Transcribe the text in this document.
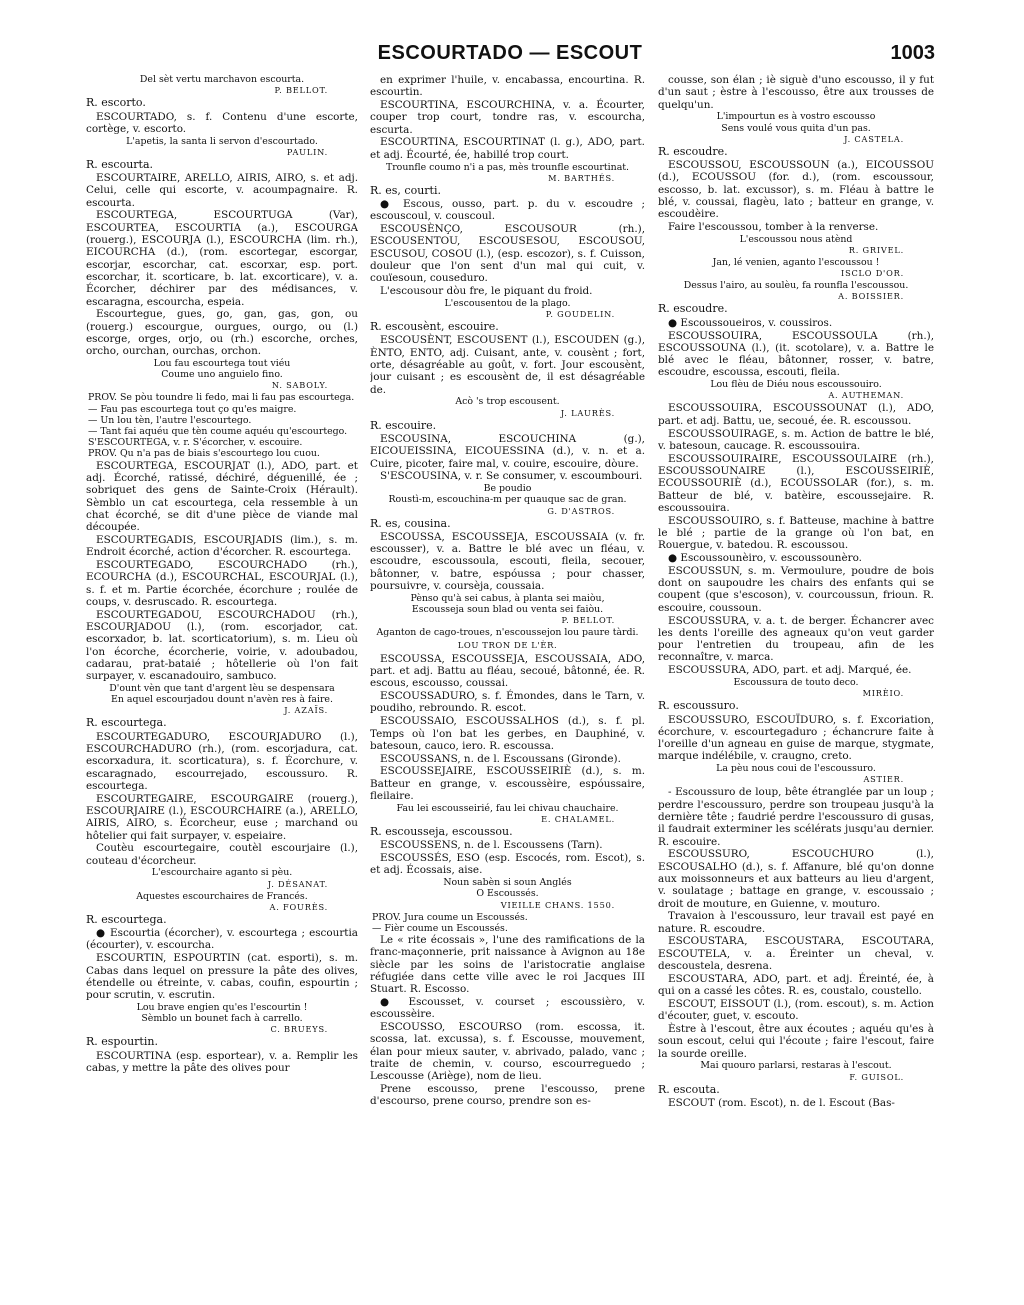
ESCOURTADO — ESCOUT	1003
Del sèt vertu marchavon escourta.
P. BELLOT.
R. escorto.
ESCOURTADO, s. f. Contenu d'une escorte, cortège, v. escorto.
L'apetis, la santa li servon d'escourtado.
PAULIN.
R. escourta.
ESCOURTAIRE, ARELLO, AIRIS, AIRO, s. et adj. Celui, celle qui escorte, v. acoumpagnaire. R. escourta.
ESCOURTEGA, ESCOURTUGA (Var), ESCOURTEA, ESCOURTIA (a.), ESCOURGA (rouerg.), ESCOURJA (l.), ESCOURCHA (lim. rh.), EICOURCHA (d.), (rom. escortegar, escorgar, escorjar, escorchar, cat. escorxar, esp. port. escorchar, it. scorticare, b. lat. excorticare), v. a. Écorcher, déchirer par des médisances, v. escaragna, escourcha, espeia.
Escourtegue, gues, go, gan, gas, gon, ou (rouerg.) escourgue, ourgues, ourgo, ou (l.) escorge, orges, orjo, ou (rh.) escorche, orches, orcho, ourchan, ourchas, orchon.
Lou fau escourtega tout viéu
Coume uno anguielo fino.
N. SABOLY.
PROV. Se pòu toundre li fedo, mai li fau pas escourtega.
— Fau pas escourtega tout ço qu'es maigre.
— Un lou tèn, l'autre l'escourtego.
— Tant fai aquéu que tèn coume aquéu qu'escourtego.
S'ESCOURTEGA, v. r. S'écorcher, v. escouire.
PROV. Qu n'a pas de biais s'escourtego lou cuou.
ESCOURTEGA, ESCOURJAT (l.), ADO, part. et adj. Écorché, ratissé, déchiré, déguenillé, ée ; sobriquet des gens de Sainte-Croix (Hérault). Sèmblo un cat escourtega, cela ressemble à un chat écorché, se dit d'une pièce de viande mal découpée.
ESCOURTEGADIS, ESCOURJADIS (lim.), s. m. Endroit écorché, action d'écorcher. R. escourtega.
ESCOURTEGADO, ESCOURCHADO (rh.), ECOURCHA (d.), ESCOURCHAL, ESCOURJAL (l.), s. f. et m. Partie écorchée, écorchure ; roulée de coups, v. desruscado. R. escourtega.
ESCOURTEGADOU, ESCOURCHADOU (rh.), ESCOURJADOU (l.), (rom. escorjador, cat. escorxador, b. lat. scorticatorium), s. m. Lieu où l'on écorche, écorcherie, voirie, v. adoubadou, cadarau, prat-bataié ; hôtellerie où l'on fait surpayer, v. escanadouiro, sambuco.
D'ount vèn que tant d'argent lèu se despensara
En aquel escourjadou dount n'avèn res à faire.
J. AZAÏS.
R. escourtega.
ESCOURTEGADURO, ESCOURJADURO (l.), ESCOURCHADURO (rh.), (rom. escorjadura, cat. escorxadura, it. scorticatura), s. f. Écorchure, v. escaragnado, escourrejado, escoussuro. R. escourtega.
ESCOURTEGAIRE, ESCOURGAIRE (rouerg.), ESCOURJAIRE (l.), ESCOURCHAIRE (a.), ARELLO, AIRIS, AIRO, s. Écorcheur, euse ; marchand ou hôtelier qui fait surpayer, v. espeiaire.
Coutèu escourtegaire, coutèl escourjaire (l.), couteau d'écorcheur.
L'escourchaire aganto si pèu.
J. DÉSANAT.
Aquestes escourchaires de Francés.
A. FOURÈS.
R. escourtega.
● Escourtia (écorcher), v. escourtega ; escourtia (écourter), v. escourcha.
ESCOURTIN, ESPOURTIN (cat. esporti), s. m. Cabas dans lequel on pressure la pâte des olives, étendelle ou étreinte, v. cabas, coufin, espourtin ; pour scrutin, v. escrutin.
Lou brave engien qu'es l'escourtin !
Sèmblo un bounet fach à carrello.
C. BRUEYS.
R. espourtin.
ESCOURTINA (esp. esportear), v. a. Remplir les cabas, y mettre la pâte des olives pour
en exprimer l'huile, v. encabassa, encourtina. R. escourtin.
ESCOURTINA, ESCOURCHINA, v. a. Écourter, couper trop court, tondre ras, v. escourcha, escurta.
ESCOURTINA, ESCOURTINAT (l. g.), ADO, part. et adj. Écourté, ée, habillé trop court.
Trounfle coumo n'i a pas, mès trounfle escourtinat.
M. BARTHÉS.
R. es, courti.
● Escous, ousso, part. p. du v. escoudre ; escouscoul, v. couscoul.
ESCOUSÈNÇO, ESCOUSOUR (rh.), ESCOUSENTOU, ESCOUSESOU, ESCOUSOU, ESCUSOU, COSOU (l.), (esp. escozor), s. f. Cuisson, douleur que l'on sent d'un mal qui cuit, v. couïesoun, couseduro.
L'escousour dòu fre, le piquant du froid.
L'escousentou de la plago.
P. GOUDELIN.
R. escousènt, escouire.
ESCOUSÈNT, ESCOUSENT (l.), ESCOUDEN (g.), ÈNTO, ENTO, adj. Cuisant, ante, v. cousènt ; fort, orte, désagréable au goût, v. fort. Jour escousènt, jour cuisant ; es escousènt de, il est désagréable de.
Acò 's trop escousent.
J. LAURÈS.
R. escouire.
ESCOUSINA, ESCOUCHINA (g.), EICOUEISSINA, EICOUESSINA (d.), v. n. et a. Cuire, picoter, faire mal, v. couire, escouire, dòure.
S'ESCOUSINA, v. r. Se consumer, v. escoumbouri.
Be poudio
Roustì-m, escouchina-m per quauque sac de gran.
G. D'ASTROS.
R. es, cousina.
ESCOUSSA, ESCOUSSEJA, ESCOUSSAIA (v. fr. escousser), v. a. Battre le blé avec un fléau, v. escoudre, escoussoula, escouti, fleila, secouer, bâtonner, v. batre, espóussa ; pour chasser, poursuivre, v. coursèja, coussaia.
Pènso qu'à sei cabus, à planta sei maiòu,
Escousseja soun blad ou venta sei faiòu.
P. BELLOT.
Aganton de cago-troues, n'escoussejon lou paure tàrdi.
LOU TRON DE L'ÈR.
ESCOUSSA, ESCOUSSEJA, ESCOUSSAIA, ADO, part. et adj. Battu au fléau, secoué, bâtonné, ée. R. escous, escousso, coussai.
ESCOUSSADURO, s. f. Émondes, dans le Tarn, v. poudiho, rebroundo. R. escot.
ESCOUSSAIO, ESCOUSSALHOS (d.), s. f. pl. Temps où l'on bat les gerbes, en Dauphiné, v. batesoun, cauco, iero. R. escoussa.
ESCOUSSANS, n. de l. Escoussans (Gironde).
ESCOUSSEJAIRE, ESCOUSSEIRIÈ (d.), s. m. Batteur en grange, v. escoussèire, espóussaire, fleilaire.
Fau lei escousseirié, fau lei chivau chauchaire.
E. CHALAMEL.
R. escousseja, escoussou.
ESCOUSSENS, n. de l. Escoussens (Tarn).
ESCOUSSÉS, ESO (esp. Escocés, rom. Escot), s. et adj. Écossais, aise.
Noun sabèn si soun Anglés
O Escoussés.
VIEILLE CHANS. 1550.
PROV. Jura coume un Escoussés.
— Fièr coume un Escoussés.
Le « rite écossais », l'une des ramifications de la franc-maçonnerie, prit naissance à Avignon au 18e siècle par les soins de l'aristocratie anglaise réfugiée dans cette ville avec le roi Jacques III Stuart. R. Escosso.
● Escousset, v. courset ; escoussièro, v. escoussèire.
ESCOUSSO, ESCOURSO (rom. escossa, it. scossa, lat. excussa), s. f. Escousse, mouvement, élan pour mieux sauter, v. abrivado, palado, vanc ; traite de chemin, v. courso, escourreguedo ; Lescousse (Ariège), nom de lieu.
Prene escousso, prene l'escousso, prene d'escourso, prene courso, prendre son es-
cousse, son élan ; iè siguè d'uno escousso, il y fut d'un saut ; èstre à l'escousso, être aux trousses de quelqu'un.
L'impourtun es à vostro escousso
Sens voulé vous quita d'un pas.
J. CASTELA.
R. escoudre.
ESCOUSSOU, ESCOUSSOUN (a.), EICOUSSOU (d.), ECOUSSOU (for. d.), (rom. escoussour, escosso, b. lat. excussor), s. m. Fléau à battre le blé, v. coussai, flagèu, lato ; batteur en grange, v. escoudèire.
Faire l'escoussou, tomber à la renverse.
L'escoussou nous atènd
R. GRIVEL.
Jan, lé venien, aganto l'escoussou !
ISCLO D'OR.
Dessus l'airo, au soulèu, fa rounfla l'escoussou.
A. BOISSIER.
R. escoudre.
● Escoussoueiros, v. coussiros.
ESCOUSSOUIRA, ESCOUSSOULA (rh.), ESCOUSSOUNA (l.), (it. scotolare), v. a. Battre le blé avec le fléau, bâtonner, rosser, v. batre, escoudre, escoussa, escouti, fleila.
Lou flèu de Diéu nous escoussouiro.
A. AUTHEMAN.
ESCOUSSOUIRA, ESCOUSSOUNAT (l.), ADO, part. et adj. Battu, ue, secoué, ée. R. escoussou.
ESCOUSSOUIRAGE, s. m. Action de battre le blé, v. batesoun, caucage. R. escoussouira.
ESCOUSSOUIRAIRE, ESCOUSSOULAIRE (rh.), ESCOUSSOUNAIRE (l.), ESCOUSSEIRIÈ, ECOUSSOURIÈ (d.), ECOUSSOLAR (for.), s. m. Batteur de blé, v. batèire, escoussejaire. R. escoussouira.
ESCOUSSOUIRO, s. f. Batteuse, machine à battre le blé ; partie de la grange où l'on bat, en Rouergue, v. batedou. R. escoussou.
● Escoussounèiro, v. escoussounèro.
ESCOUSSUN, s. m. Vermoulure, poudre de bois dont on saupoudre les chairs des enfants qui se coupent (que s'escoson), v. courcoussun, frioun. R. escouire, coussoun.
ESCOUSSURA, v. a. t. de berger. Échancrer avec les dents l'oreille des agneaux qu'on veut garder pour l'entretien du troupeau, afin de les reconnaître, v. marca.
ESCOUSSURA, ADO, part. et adj. Marqué, ée.
Escoussura de touto deco.
MIRÈIO.
R. escoussuro.
ESCOUSSURO, ESCOUÏDURO, s. f. Excoriation, écorchure, v. escourtegaduro ; échancrure faite à l'oreille d'un agneau en guise de marque, stygmate, marque indélébile, v. craugno, creto.
La pèu nous coui de l'escoussuro.
ASTIER.
- Escoussuro de loup, bête étranglée par un loup ; perdre l'escoussuro, perdre son troupeau jusqu'à la dernière tête ; faudrié perdre l'escoussuro di gusas, il faudrait exterminer les scélérats jusqu'au dernier. R. escouire.
ESCOUSSURO, ESCOUCHURO (l.), ESCOUSALHO (d.), s. f. Affanure, blé qu'on donne aux moissonneurs et aux batteurs au lieu d'argent, v. soulatage ; battage en grange, v. escoussaio ; droit de mouture, en Guienne, v. mouturo.
Travaion à l'escoussuro, leur travail est payé en nature. R. escoudre.
ESCOUSTARA, ESCOUSTARA, ESCOUTARA, ESCOUTELA, v. a. Éreinter un cheval, v. descoustela, desrena.
ESCOUSTARA, ADO, part. et adj. Éreinté, ée, à qui on a cassé les côtes. R. es, coustalo, coustello.
ESCOUT, EISSOUT (l.), (rom. escout), s. m. Action d'écouter, guet, v. escouto.
Èstre à l'escout, être aux écoutes ; aquéu qu'es à soun escout, celui qui l'écoute ; faire l'escout, faire la sourde oreille.
Mai quouro parlarsi, restaras à l'escout.
F. GUISOL.
R. escouta.
ESCOUT (rom. Escot), n. de l. Escout (Bas-
